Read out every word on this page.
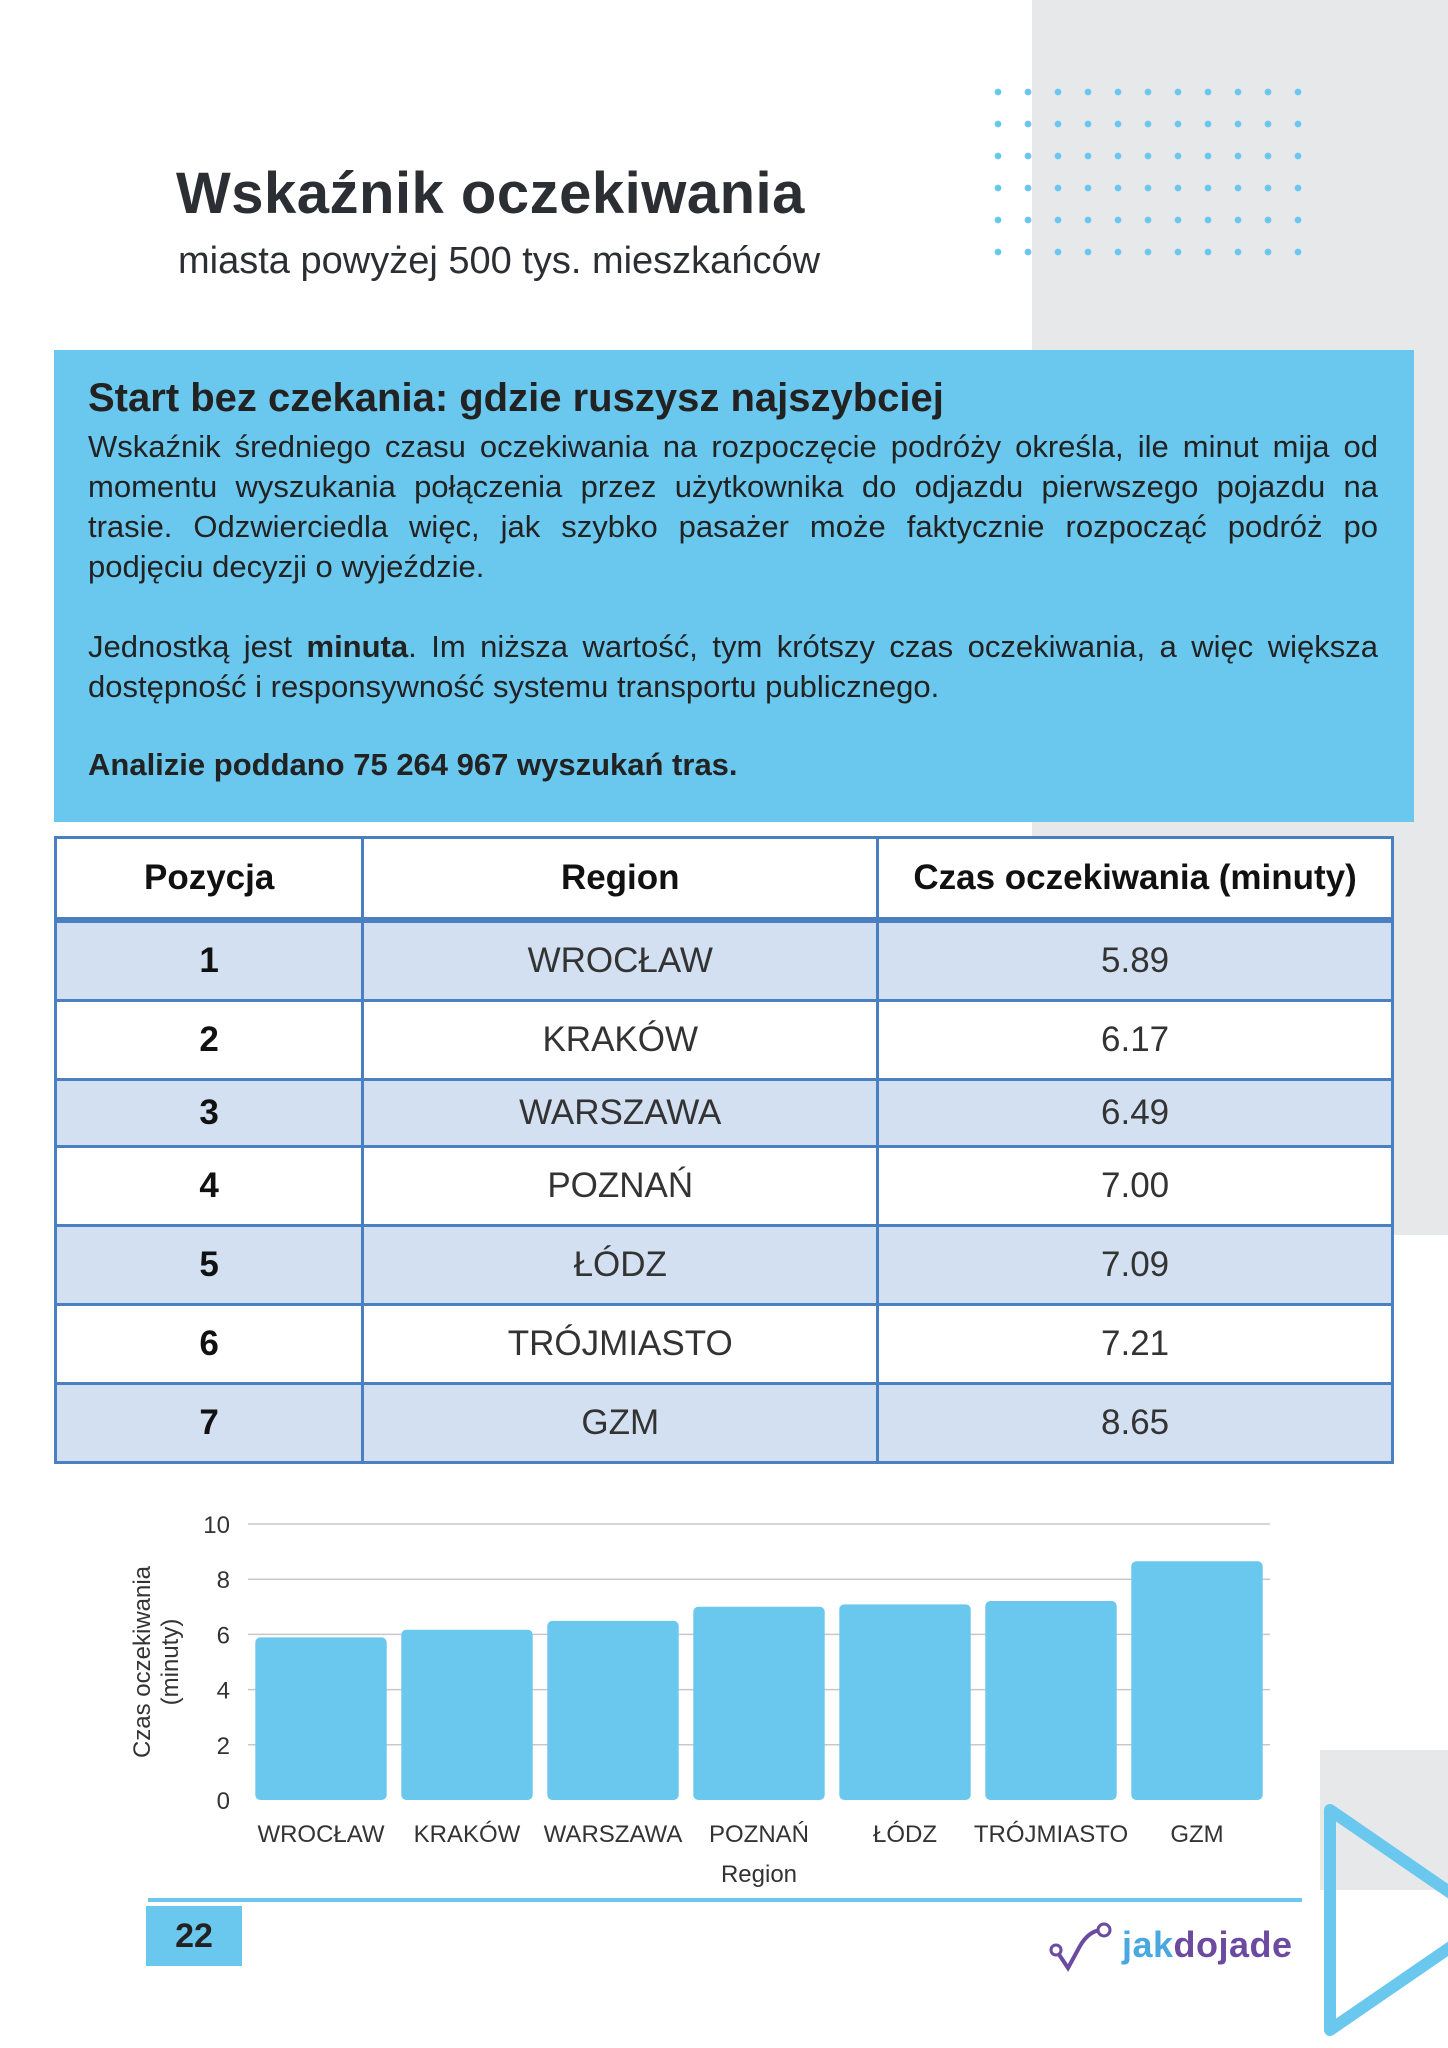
Wskaźnik oczekiwania
miasta powyżej 500 tys. mieszkańców
Start bez czekania: gdzie ruszysz najszybciej

Wskaźnik średniego czasu oczekiwania na rozpoczęcie podróży określa, ile minut mija od momentu wyszukania połączenia przez użytkownika do odjazdu pierwszego pojazdu na trasie. Odzwierciedla więc, jak szybko pasażer może faktycznie rozpocząć podróż po podjęciu decyzji o wyjeździe.

Jednostką jest minuta. Im niższa wartość, tym krótszy czas oczekiwania, a więc większa dostępność i responsywność systemu transportu publicznego.

Analizie poddano 75 264 967 wyszukań tras.
Pozycja	Region	Czas oczekiwania (minuty)
1	WROCŁAW	5.89
2	KRAKÓW	6.17
3	WARSZAWA	6.49
4	POZNAŃ	7.00
5	ŁÓDZ	7.09
6	TRÓJMIASTO	7.21
7	GZM	8.65
0
2
4
6
8
10
WROCŁAW KRAKÓW WARSZAWA POZNAŃ	ŁÓDZ TRÓJMIASTO GZM
Region
Czas oczekiwania (minuty)
22	jakdojade
